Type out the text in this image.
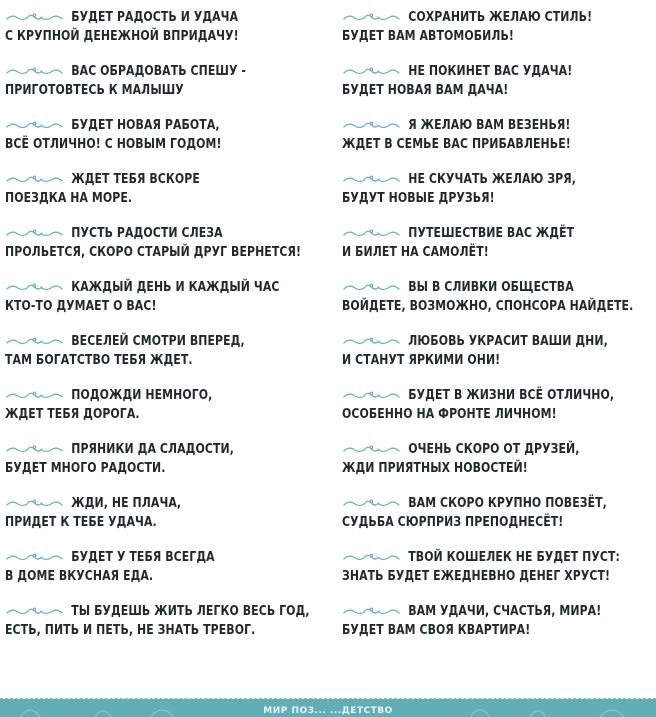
БУДЕТ РАДОСТЬ И УДАЧА
С КРУПНОЙ ДЕНЕЖНОЙ ВПРИДАЧУ!
ВАС ОБРАДОВАТЬ СПЕШУ -
ПРИГОТОВТЕСЬ К МАЛЫШУ
БУДЕТ НОВАЯ РАБОТА,
ВСЁ ОТЛИЧНО! С НОВЫМ ГОДОМ!
ЖДЕТ ТЕБЯ ВСКОРЕ
ПОЕЗДКА НА МОРЕ.
ПУСТЬ РАДОСТИ СЛЕЗА
ПРОЛЬЕТСЯ, СКОРО СТАРЫЙ ДРУГ ВЕРНЕТСЯ!
КАЖДЫЙ ДЕНЬ И КАЖДЫЙ ЧАС
КТО-ТО ДУМАЕТ О ВАС!
ВЕСЕЛЕЙ СМОТРИ ВПЕРЕД,
ТАМ БОГАТСТВО ТЕБЯ ЖДЕТ.
ПОДОЖДИ НЕМНОГО,
ЖДЕТ ТЕБЯ ДОРОГА.
ПРЯНИКИ ДА СЛАДОСТИ,
БУДЕТ МНОГО РАДОСТИ.
ЖДИ, НЕ ПЛАЧА,
ПРИДЕТ К ТЕБЕ УДАЧА.
БУДЕТ У ТЕБЯ ВСЕГДА
В ДОМЕ ВКУСНАЯ ЕДА.
ТЫ БУДЕШЬ ЖИТЬ ЛЕГКО ВЕСЬ ГОД,
ЕСТЬ, ПИТЬ И ПЕТЬ, НЕ ЗНАТЬ ТРЕВОГ.
СОХРАНИТЬ ЖЕЛАЮ СТИЛЬ!
БУДЕТ ВАМ АВТОМОБИЛЬ!
НЕ ПОКИНЕТ ВАС УДАЧА!
БУДЕТ НОВАЯ ВАМ ДАЧА!
Я ЖЕЛАЮ ВАМ ВЕЗЕНЬЯ!
ЖДЕТ В СЕМЬЕ ВАС ПРИБАВЛЕНЬЕ!
НЕ СКУЧАТЬ ЖЕЛАЮ ЗРЯ,
БУДУТ НОВЫЕ ДРУЗЬЯ!
ПУТЕШЕСТВИЕ ВАС ЖДЁТ
И БИЛЕТ НА САМОЛЁТ!
ВЫ В СЛИВКИ ОБЩЕСТВА
ВОЙДЕТЕ, ВОЗМОЖНО, СПОНСОРА НАЙДЕТЕ.
ЛЮБОВЬ УКРАСИТ ВАШИ ДНИ,
И СТАНУТ ЯРКИМИ ОНИ!
БУДЕТ В ЖИЗНИ ВСЁ ОТЛИЧНО,
ОСОБЕННО НА ФРОНТЕ ЛИЧНОМ!
ОЧЕНЬ СКОРО ОТ ДРУЗЕЙ,
ЖДИ ПРИЯТНЫХ НОВОСТЕЙ!
ВАМ СКОРО КРУПНО ПОВЕЗЁТ,
СУДЬБА СЮРПРИЗ ПРЕПОДНЕСЁТ!
ТВОЙ КОШЕЛЕК НЕ БУДЕТ ПУСТ:
ЗНАТЬ БУДЕТ ЕЖЕДНЕВНО ДЕНЕГ ХРУСТ!
ВАМ УДАЧИ, СЧАСТЬЯ, МИРА!
БУДЕТ ВАМ СВОЯ КВАРТИРА!
МИР ПОЗ... ...ДЕТСТВО
